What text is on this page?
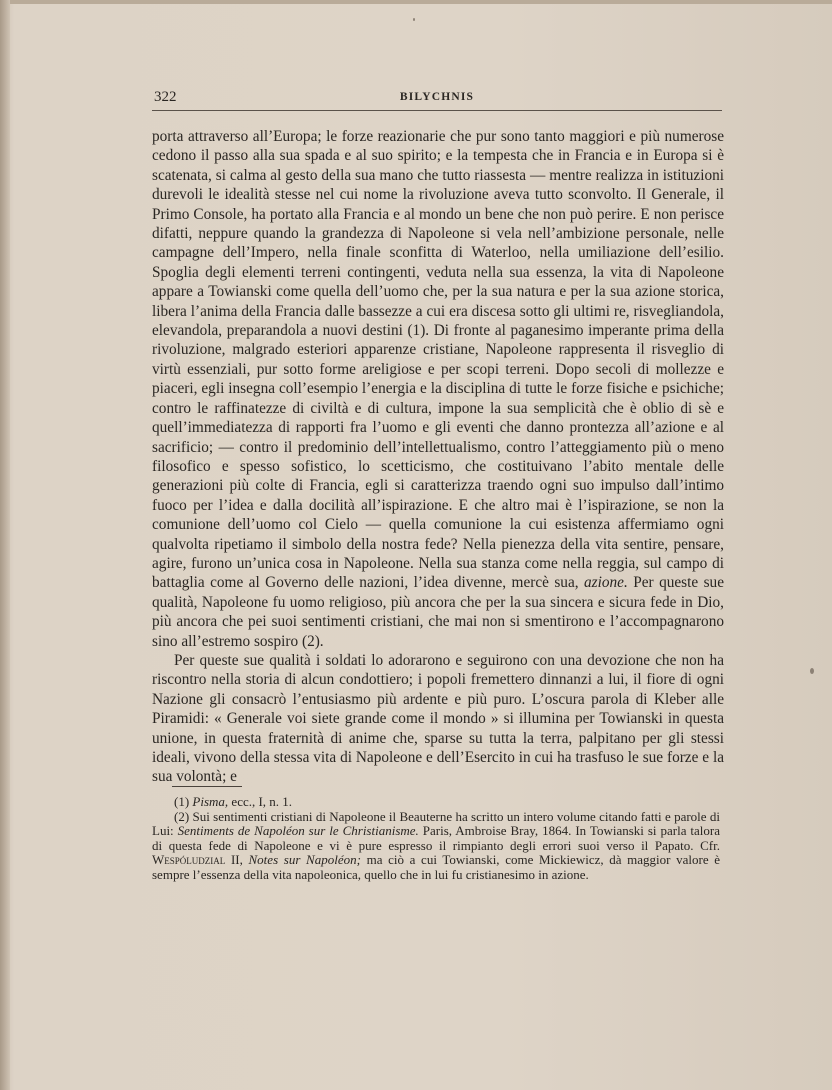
322	BILYCHNIS

porta attraverso all’Europa; le forze reazionarie che pur sono tanto maggiori e più numerose cedono il passo alla sua spada e al suo spirito; e la tempesta che in Francia e in Europa si è scatenata, si calma al gesto della sua mano che tutto riassesta — mentre realizza in istituzioni durevoli le idealità stesse nel cui nome la rivoluzione aveva tutto sconvolto. Il Generale, il Primo Console, ha portato alla Francia e al mondo un bene che non può perire. E non perisce difatti, neppure quando la grandezza di Napoleone si vela nell’ambizione personale, nelle campagne dell’Impero, nella finale sconfitta di Waterloo, nella umiliazione dell’esilio. Spoglia degli elementi terreni contingenti, veduta nella sua essenza, la vita di Napoleone appare a Towianski come quella dell’uomo che, per la sua natura e per la sua azione storica, libera l’anima della Francia dalle bassezze a cui era discesa sotto gli ultimi re, risvegliandola, elevandola, preparandola a nuovi destini (1). Di fronte al paganesimo imperante prima della rivoluzione, malgrado esteriori apparenze cristiane, Napoleone rappresenta il risveglio di virtù essenziali, pur sotto forme areligiose e per scopi terreni. Dopo secoli di mollezze e piaceri, egli insegna coll’esempio l’energia e la disciplina di tutte le forze fisiche e psichiche; contro le raffinatezze di civiltà e di cultura, impone la sua semplicità che è oblio di sè e quell’immediatezza di rapporti fra l’uomo e gli eventi che danno prontezza all’azione e al sacrificio; — contro il predominio dell’intellettualismo, contro l’atteggiamento più o meno filosofico e spesso sofistico, lo scetticismo, che costituivano l’abito mentale delle generazioni più colte di Francia, egli si caratterizza traendo ogni suo impulso dall’intimo fuoco per l’idea e dalla docilità all’ispirazione. E che altro mai è l’ispirazione, se non la comunione dell’uomo col Cielo — quella comunione la cui esistenza affermiamo ogni qualvolta ripetiamo il simbolo della nostra fede? Nella pienezza della vita sentire, pensare, agire, furono un’unica cosa in Napoleone. Nella sua stanza come nella reggia, sul campo di battaglia come al Governo delle nazioni, l’idea divenne, mercè sua, azione. Per queste sue qualità, Napoleone fu uomo religioso, più ancora che per la sua sincera e sicura fede in Dio, più ancora che pei suoi sentimenti cristiani, che mai non si smentirono e l’accompagnarono sino all’estremo sospiro (2).

Per queste sue qualità i soldati lo adorarono e seguirono con una devozione che non ha riscontro nella storia di alcun condottiero; i popoli fremettero dinnanzi a lui, il fiore di ogni Nazione gli consacrò l’entusiasmo più ardente e più puro. L’oscura parola di Kleber alle Piramidi: « Generale voi siete grande come il mondo » si illumina per Towianski in questa unione, in questa fraternità di anime che, sparse su tutta la terra, palpitano per gli stessi ideali, vivono della stessa vita di Napoleone e dell’Esercito in cui ha trasfuso le sue forze e la sua volontà; e

(1) Pisma, ecc., I, n. 1.

(2) Sui sentimenti cristiani di Napoleone il Beauterne ha scritto un intero volume citando fatti e parole di Lui: Sentiments de Napoléon sur le Christianisme. Paris, Ambroise Bray, 1864. In Towianski si parla talora di questa fede di Napoleone e vi è pure espresso il rimpianto degli errori suoi verso il Papato. Cfr. Wespóludzial II, Notes sur Napoléon; ma ciò a cui Towianski, come Mickiewicz, dà maggior valore è sempre l’essenza della vita napoleonica, quello che in lui fu cristianesimo in azione.
